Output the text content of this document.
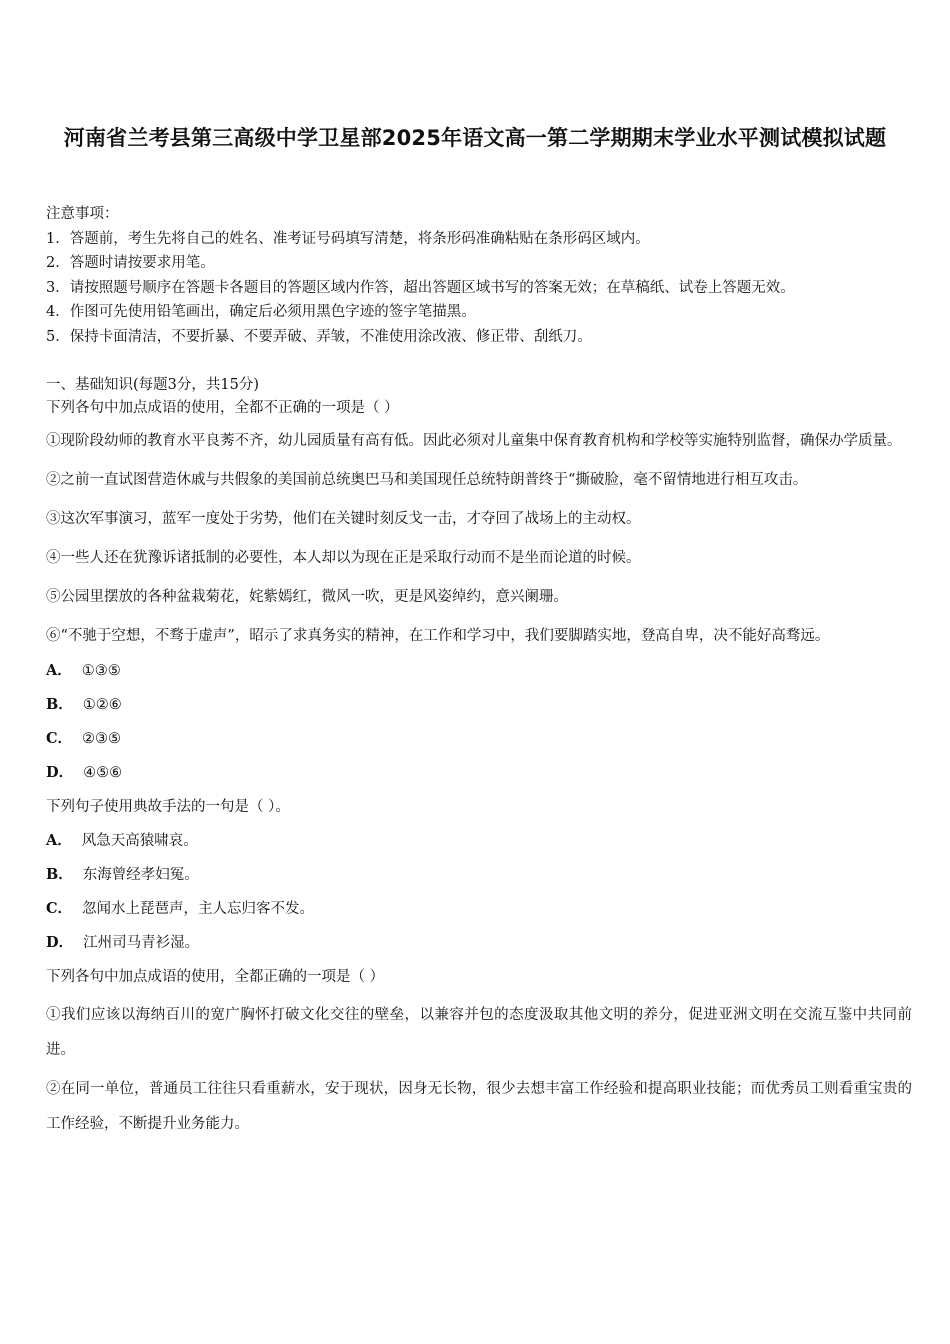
河南省兰考县第三高级中学卫星部2025年语文高一第二学期期末学业水平测试模拟试题
注意事项：
1．答题前，考生先将自己的姓名、准考证号码填写清楚，将条形码准确粘贴在条形码区域内。
2．答题时请按要求用笔。
3．请按照题号顺序在答题卡各题目的答题区域内作答，超出答题区域书写的答案无效；在草稿纸、试卷上答题无效。
4．作图可先使用铅笔画出，确定后必须用黑色字迹的签字笔描黑。
5．保持卡面清洁，不要折暴、不要弄破、弄皱，不准使用涂改液、修正带、刮纸刀。
一、基础知识(每题3分，共15分)
下列各句中加点成语的使用，全都不正确的一项是（ ）
①现阶段幼师的教育水平良莠不齐，幼儿园质量有高有低。因此必须对儿童集中保育教育机构和学校等实施特别监督，确保办学质量。
②之前一直试图营造休戚与共假象的美国前总统奥巴马和美国现任总统特朗普终于“撕破脸，毫不留情地进行相互攻击。
③这次军事演习，蓝军一度处于劣势，他们在关键时刻反戈一击，才夺回了战场上的主动权。
④一些人还在犹豫诉诸抵制的必要性，本人却以为现在正是采取行动而不是坐而论道的时候。
⑤公园里摆放的各种盆栽菊花，姹紫嫣红，微风一吹，更是风姿绰约，意兴阑珊。
⑥“不驰于空想，不骛于虚声”，昭示了求真务实的精神，在工作和学习中，我们要脚踏实地，登高自卑，决不能好高骛远。
A． ①③⑤
B． ①②⑥
C． ②③⑤
D． ④⑤⑥
下列句子使用典故手法的一句是（ ）。
A． 风急天高猿啸哀。
B． 东海曾经孝妇冤。
C． 忽闻水上琵琶声，主人忘归客不发。
D． 江州司马青衫湿。
下列各句中加点成语的使用，全都正确的一项是（ ）
①我们应该以海纳百川的宽广胸怀打破文化交往的壁垒，以兼容并包的态度汲取其他文明的养分，促进亚洲文明在交流互鉴中共同前进。
②在同一单位，普通员工往往只看重薪水，安于现状，因身无长物，很少去想丰富工作经验和提高职业技能；而优秀员工则看重宝贵的工作经验，不断提升业务能力。
